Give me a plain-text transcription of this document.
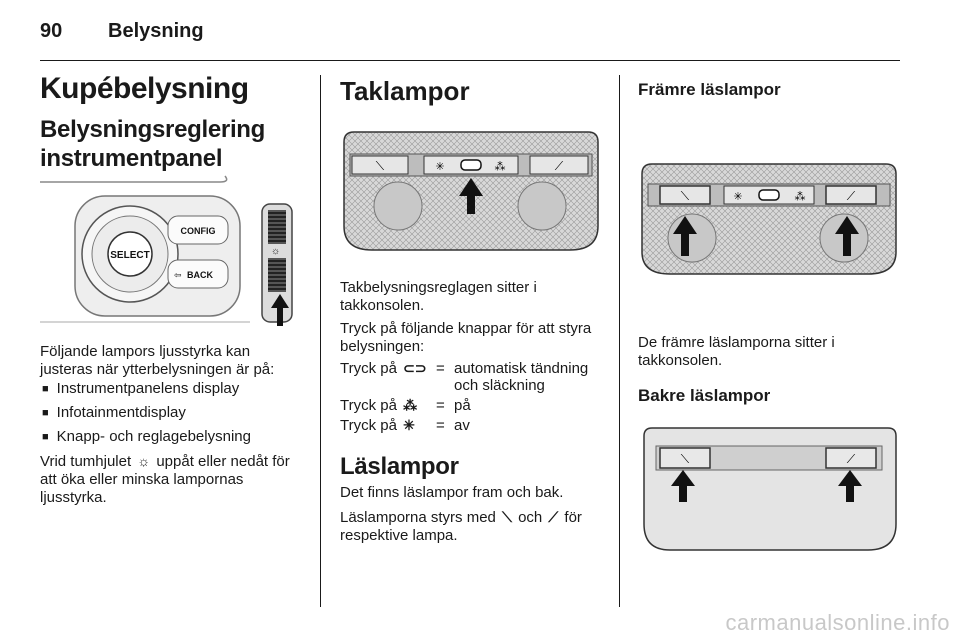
90 Belysning
Kupébelysning
Belysningsreglering instrumentpanel
SELECT
CONFIG
BACK
⇦
☼
Följande lampors ljusstyrka kan justeras när ytterbelysningen är på:
■ Instrumentpanelens display
■ Infotainmentdisplay
■ Knapp- och reglagebelysning
Vrid tumhjulet ☼ uppåt eller nedåt för att öka eller minska lampornas ljusstyrka.
Taklampor
⟍	✳	⁂	⟋
Takbelysningsreglagen sitter i takkonsolen.
Tryck på följande knappar för att styra belysningen:
Tryck på ⊂⊃	=	automatisk tändning och släckning
Tryck på ⁂	=	på
Tryck på ✳	=	av
Läslampor
Det finns läslampor fram och bak.
Läslamporna styrs med ⟍ och ⟋ för respektive lampa.
Främre läslampor
⟍	✳	⁂	⟋
De främre läslamporna sitter i takkonsolen.
Bakre läslampor
⟍	⟋
carmanualsonline.info
